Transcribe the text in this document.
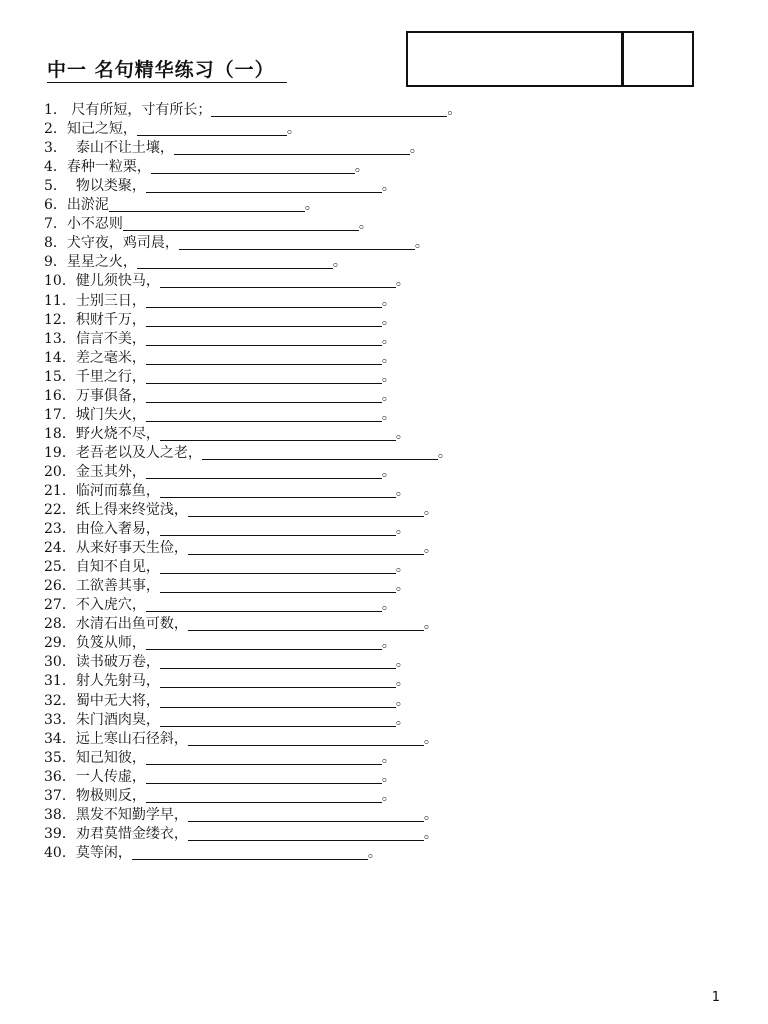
中一 名句精华练习（一）
1． 尺有所短，寸有所长；	。
2． 知己之短，	。
3． 泰山不让土壤，	。
4． 春种一粒栗，	。
5． 物以类聚，	。
6． 出淤泥	。
7． 小不忍则	。
8． 犬守夜，鸡司晨，	。
9． 星星之火，	。
10． 健儿须快马，	。
11． 士别三日，	。
12． 积财千万，	。
13． 信言不美，	。
14． 差之毫米，	。
15． 千里之行，	。
16． 万事俱备，	。
17． 城门失火，	。
18． 野火烧不尽，	。
19． 老吾老以及人之老，	。
20． 金玉其外，	。
21． 临河而慕鱼，	。
22． 纸上得来终觉浅，	。
23． 由俭入奢易，	。
24． 从来好事天生俭，	。
25． 自知不自见，	。
26． 工欲善其事，	。
27． 不入虎穴，	。
28． 水清石出鱼可数，	。
29． 负笈从师，	。
30． 读书破万卷，	。
31． 射人先射马，	。
32． 蜀中无大将，	。
33． 朱门酒肉臭，	。
34． 远上寒山石径斜，	。
35． 知己知彼，	。
36． 一人传虚，	。
37． 物极则反，	。
38． 黑发不知勤学早，	。
39． 劝君莫惜金缕衣，	。
40． 莫等闲，	。
1
